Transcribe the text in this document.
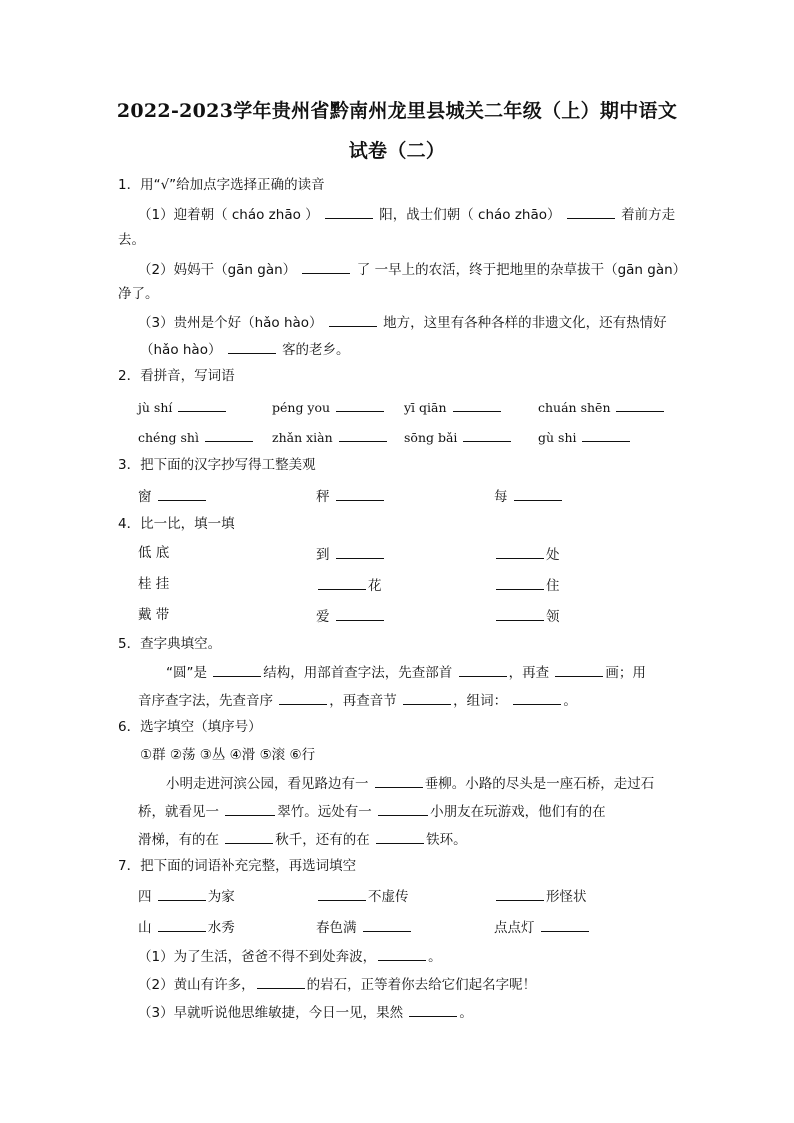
2022-2023学年贵州省黔南州龙里县城关二年级（上）期中语文
试卷（二）
1．用“√”给加点字选择正确的读音
（1）迎着朝（ cháo zhāo ）	阳，战士们朝（ cháo zhāo）	着前方走
去。
（2）妈妈干（gān gàn）	了 一早上的农活，终于把地里的杂草拔干（gān gàn）
净了。
（3）贵州是个好（hǎo hào）	地方，这里有各种各样的非遗文化，还有热情好
（hǎo hào）	客的老乡。
2．看拼音，写词语
jù shí	péng you	yī qiān	chuán shēn
chéng shì	zhǎn xiàn	sōng bǎi	gù shi
3．把下面的汉字抄写得工整美观
窗	秤	每
4．比一比，填一填
低 底	到	处
桂 挂	花	住
戴 带	爱	领
5．查字典填空。
“圆”是	结构，用部首查字法，先查部首	，再查	画；用
音序查字法，先查音序	，再查音节	，组词：	。
6．选字填空（填序号）
①群 ②荡 ③丛 ④滑 ⑤滚 ⑥行
小明走进河滨公园，看见路边有一	垂柳。小路的尽头是一座石桥，走过石
桥，就看见一	翠竹。远处有一	小朋友在玩游戏，他们有的在
滑梯，有的在	秋千，还有的在	铁环。
7．把下面的词语补充完整，再选词填空
四	为家	不虚传	形怪状
山	水秀	春色满	点点灯
（1）为了生活，爸爸不得不到处奔波，	。
（2）黄山有许多，	的岩石，正等着你去给它们起名字呢！
（3）早就听说他思维敏捷，今日一见，果然	。
